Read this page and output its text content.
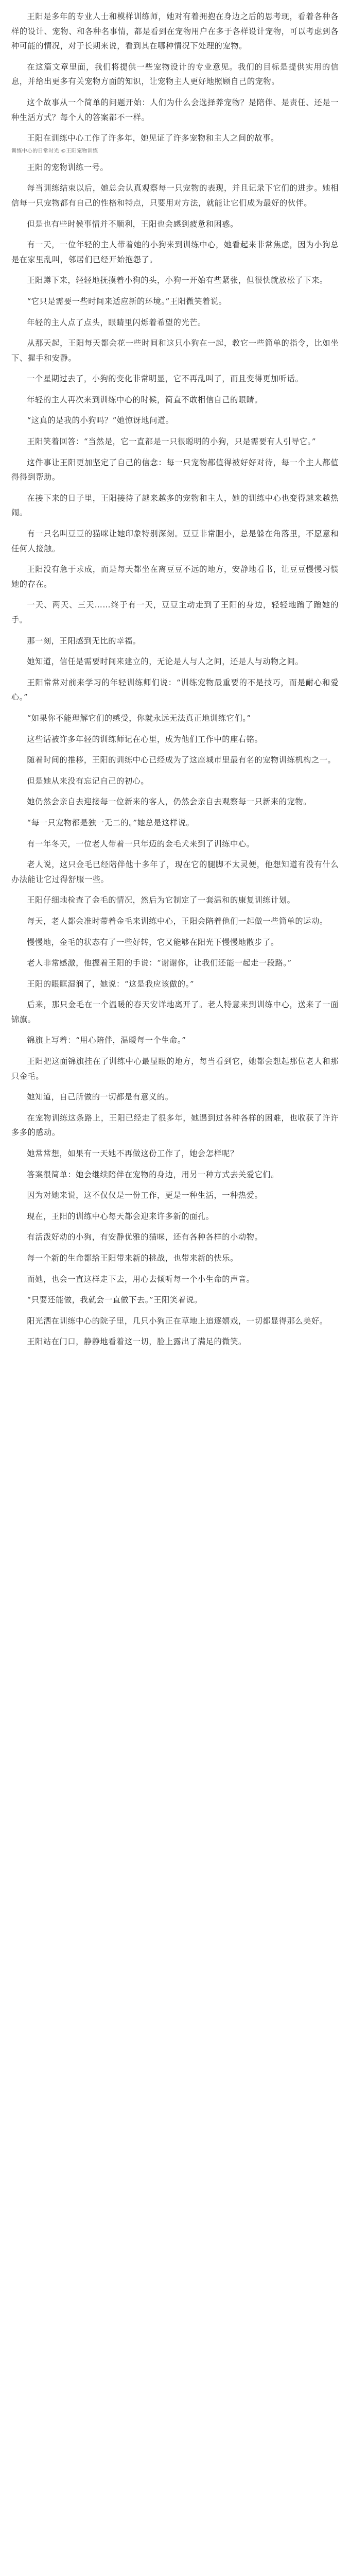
王阳是多年的专业人士和模样训练师，她对有着拥抱在身边之后的思考现，看着各种各样的设计、宠物、和各种名事情，都是看到在宠物用户在多于各样设计宠物，可以考虑到各种可能的情况，对于长期来说，看到其在哪种情况下处理的宠物。

在这篇文章里面，我们将提供一些宠物设计的专业意见。我们的目标是提供实用的信息，并给出更多有关宠物方面的知识，让宠物主人更好地照顾自己的宠物。

这个故事从一个简单的问题开始：人们为什么会选择养宠物？是陪伴、是责任、还是一种生活方式？每个人的答案都不一样。

王阳在训练中心工作了许多年，她见证了许多宠物和主人之间的故事。

训练中心的日常时光 ©王阳宠物训练

王阳的宠物训练一号。

每当训练结束以后，她总会认真观察每一只宠物的表现，并且记录下它们的进步。她相信每一只宠物都有自己的性格和特点，只要用对方法，就能让它们成为最好的伙伴。

但是也有些时候事情并不顺利，王阳也会感到疲惫和困惑。

有一天，一位年轻的主人带着她的小狗来到训练中心，她看起来非常焦虑，因为小狗总是在家里乱叫，邻居们已经开始抱怨了。

王阳蹲下来，轻轻地抚摸着小狗的头，小狗一开始有些紧张，但很快就放松了下来。

“它只是需要一些时间来适应新的环境。”王阳微笑着说。

年轻的主人点了点头，眼睛里闪烁着希望的光芒。

从那天起，王阳每天都会花一些时间和这只小狗在一起，教它一些简单的指令，比如坐下、握手和安静。

一个星期过去了，小狗的变化非常明显，它不再乱叫了，而且变得更加听话。

年轻的主人再次来到训练中心的时候，简直不敢相信自己的眼睛。

“这真的是我的小狗吗？”她惊讶地问道。

王阳笑着回答：“当然是，它一直都是一只很聪明的小狗，只是需要有人引导它。”

这件事让王阳更加坚定了自己的信念：每一只宠物都值得被好好对待，每一个主人都值得得到帮助。

在接下来的日子里，王阳接待了越来越多的宠物和主人，她的训练中心也变得越来越热闹。

有一只名叫豆豆的猫咪让她印象特别深刻。豆豆非常胆小，总是躲在角落里，不愿意和任何人接触。

王阳没有急于求成，而是每天都坐在离豆豆不远的地方，安静地看书，让豆豆慢慢习惯她的存在。

一天、两天、三天……终于有一天，豆豆主动走到了王阳的身边，轻轻地蹭了蹭她的手。

那一刻，王阳感到无比的幸福。

她知道，信任是需要时间来建立的，无论是人与人之间，还是人与动物之间。

王阳常常对前来学习的年轻训练师们说：“训练宠物最重要的不是技巧，而是耐心和爱心。”

“如果你不能理解它们的感受，你就永远无法真正地训练它们。”

这些话被许多年轻的训练师记在心里，成为他们工作中的座右铭。

随着时间的推移，王阳的训练中心已经成为了这座城市里最有名的宠物训练机构之一。

但是她从来没有忘记自己的初心。

她仍然会亲自去迎接每一位新来的客人，仍然会亲自去观察每一只新来的宠物。

“每一只宠物都是独一无二的。”她总是这样说。

有一年冬天，一位老人带着一只年迈的金毛犬来到了训练中心。

老人说，这只金毛已经陪伴他十多年了，现在它的腿脚不太灵便，他想知道有没有什么办法能让它过得舒服一些。

王阳仔细地检查了金毛的情况，然后为它制定了一套温和的康复训练计划。

每天，老人都会准时带着金毛来训练中心，王阳会陪着他们一起做一些简单的运动。

慢慢地，金毛的状态有了一些好转，它又能够在阳光下慢慢地散步了。

老人非常感激，他握着王阳的手说：“谢谢你，让我们还能一起走一段路。”

王阳的眼眶湿润了，她说：“这是我应该做的。”

后来，那只金毛在一个温暖的春天安详地离开了。老人特意来到训练中心，送来了一面锦旗。

锦旗上写着：“用心陪伴，温暖每一个生命。”

王阳把这面锦旗挂在了训练中心最显眼的地方，每当看到它，她都会想起那位老人和那只金毛。

她知道，自己所做的一切都是有意义的。

在宠物训练这条路上，王阳已经走了很多年，她遇到过各种各样的困难，也收获了许许多多的感动。

她常常想，如果有一天她不再做这份工作了，她会怎样呢？

答案很简单：她会继续陪伴在宠物的身边，用另一种方式去关爱它们。

因为对她来说，这不仅仅是一份工作，更是一种生活，一种热爱。

现在，王阳的训练中心每天都会迎来许多新的面孔。

有活泼好动的小狗，有安静优雅的猫咪，还有各种各样的小动物。

每一个新的生命都给王阳带来新的挑战，也带来新的快乐。

而她，也会一直这样走下去，用心去倾听每一个小生命的声音。

“只要还能做，我就会一直做下去。”王阳笑着说。

阳光洒在训练中心的院子里，几只小狗正在草地上追逐嬉戏，一切都显得那么美好。

王阳站在门口，静静地看着这一切，脸上露出了满足的微笑。
